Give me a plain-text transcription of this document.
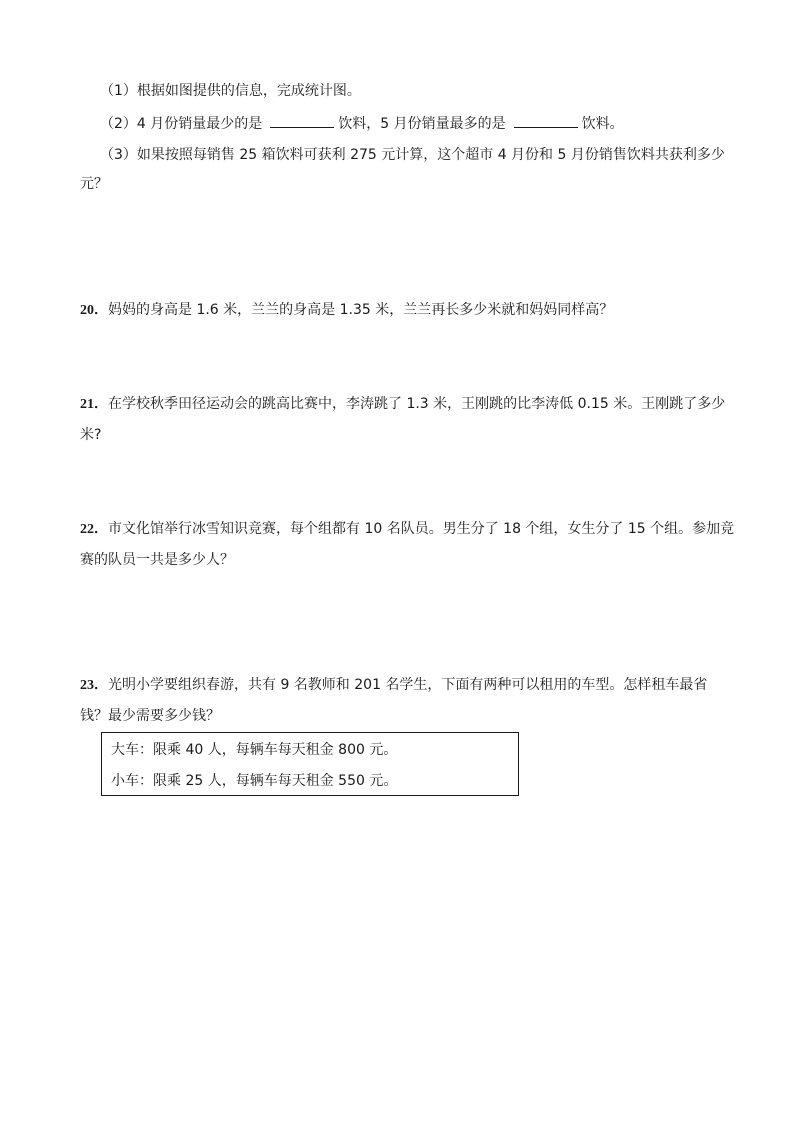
（1）根据如图提供的信息，完成统计图。
（2）4 月份销量最少的是	饮料，5 月份销量最多的是	饮料。
（3）如果按照每销售 25 箱饮料可获利 275 元计算，这个超市 4 月份和 5 月份销售饮料共获利多少
元？
20．妈妈的身高是 1.6 米，兰兰的身高是 1.35 米，兰兰再长多少米就和妈妈同样高？
21．在学校秋季田径运动会的跳高比赛中，李涛跳了 1.3 米，王刚跳的比李涛低 0.15 米。王刚跳了多少
米?
22．市文化馆举行冰雪知识竞赛，每个组都有 10 名队员。男生分了 18 个组，女生分了 15 个组。参加竞
赛的队员一共是多少人？
23．光明小学要组织春游，共有 9 名教师和 201 名学生，下面有两种可以租用的车型。怎样租车最省
钱？最少需要多少钱？
大车：限乘 40 人，每辆车每天租金 800 元。
小车：限乘 25 人，每辆车每天租金 550 元。
